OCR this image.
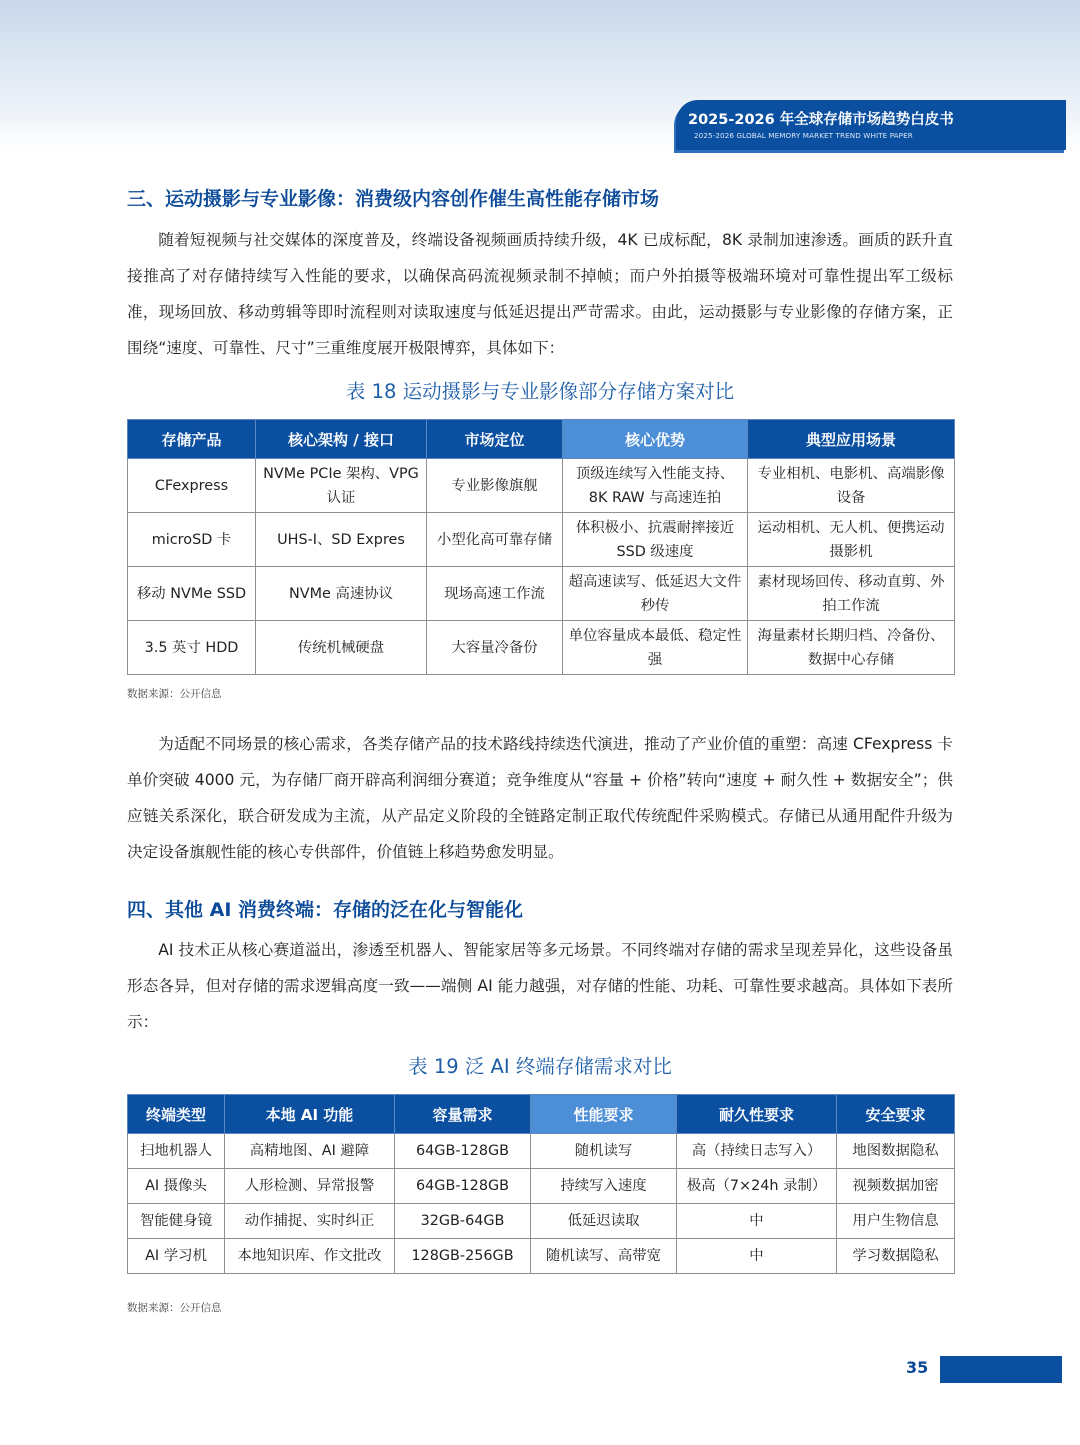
2025-2026 年全球存储市场趋势白皮书
2025-2026 GLOBAL MEMORY MARKET TREND WHITE PAPER
三、运动摄影与专业影像：消费级内容创作催生高性能存储市场
随着短视频与社交媒体的深度普及，终端设备视频画质持续升级，4K 已成标配，8K 录制加速渗透。画质的跃升直接推高了对存储持续写入性能的要求，以确保高码流视频录制不掉帧；而户外拍摄等极端环境对可靠性提出军工级标准，现场回放、移动剪辑等即时流程则对读取速度与低延迟提出严苛需求。由此，运动摄影与专业影像的存储方案，正围绕“速度、可靠性、尺寸”三重维度展开极限博弈，具体如下：
表 18 运动摄影与专业影像部分存储方案对比
存储产品	核心架构 / 接口	市场定位	核心优势	典型应用场景
CFexpress	NVMe PCIe 架构、VPG 认证	专业影像旗舰	顶级连续写入性能支持、8K RAW 与高速连拍	专业相机、电影机、高端影像设备
microSD 卡	UHS-I、SD Expres	小型化高可靠存储	体积极小、抗震耐摔接近 SSD 级速度	运动相机、无人机、便携运动摄影机
移动 NVMe SSD	NVMe 高速协议	现场高速工作流	超高速读写、低延迟大文件秒传	素材现场回传、移动直剪、外拍工作流
3.5 英寸 HDD	传统机械硬盘	大容量冷备份	单位容量成本最低、稳定性强	海量素材长期归档、冷备份、数据中心存储
数据来源：公开信息
为适配不同场景的核心需求，各类存储产品的技术路线持续迭代演进，推动了产业价值的重塑：高速 CFexpress 卡单价突破 4000 元，为存储厂商开辟高利润细分赛道；竞争维度从“容量 + 价格”转向“速度 + 耐久性 + 数据安全”；供应链关系深化，联合研发成为主流，从产品定义阶段的全链路定制正取代传统配件采购模式。存储已从通用配件升级为决定设备旗舰性能的核心专供部件，价值链上移趋势愈发明显。
四、其他 AI 消费终端：存储的泛在化与智能化
AI 技术正从核心赛道溢出，渗透至机器人、智能家居等多元场景。不同终端对存储的需求呈现差异化，这些设备虽形态各异，但对存储的需求逻辑高度一致——端侧 AI 能力越强，对存储的性能、功耗、可靠性要求越高。具体如下表所示：
表 19 泛 AI 终端存储需求对比
终端类型	本地 AI 功能	容量需求	性能要求	耐久性要求	安全要求
扫地机器人	高精地图、AI 避障	64GB-128GB	随机读写	高（持续日志写入）	地图数据隐私
AI 摄像头	人形检测、异常报警	64GB-128GB	持续写入速度	极高（7×24h 录制）	视频数据加密
智能健身镜	动作捕捉、实时纠正	32GB-64GB	低延迟读取	中	用户生物信息
AI 学习机	本地知识库、作文批改	128GB-256GB	随机读写、高带宽	中	学习数据隐私
数据来源：公开信息
35
